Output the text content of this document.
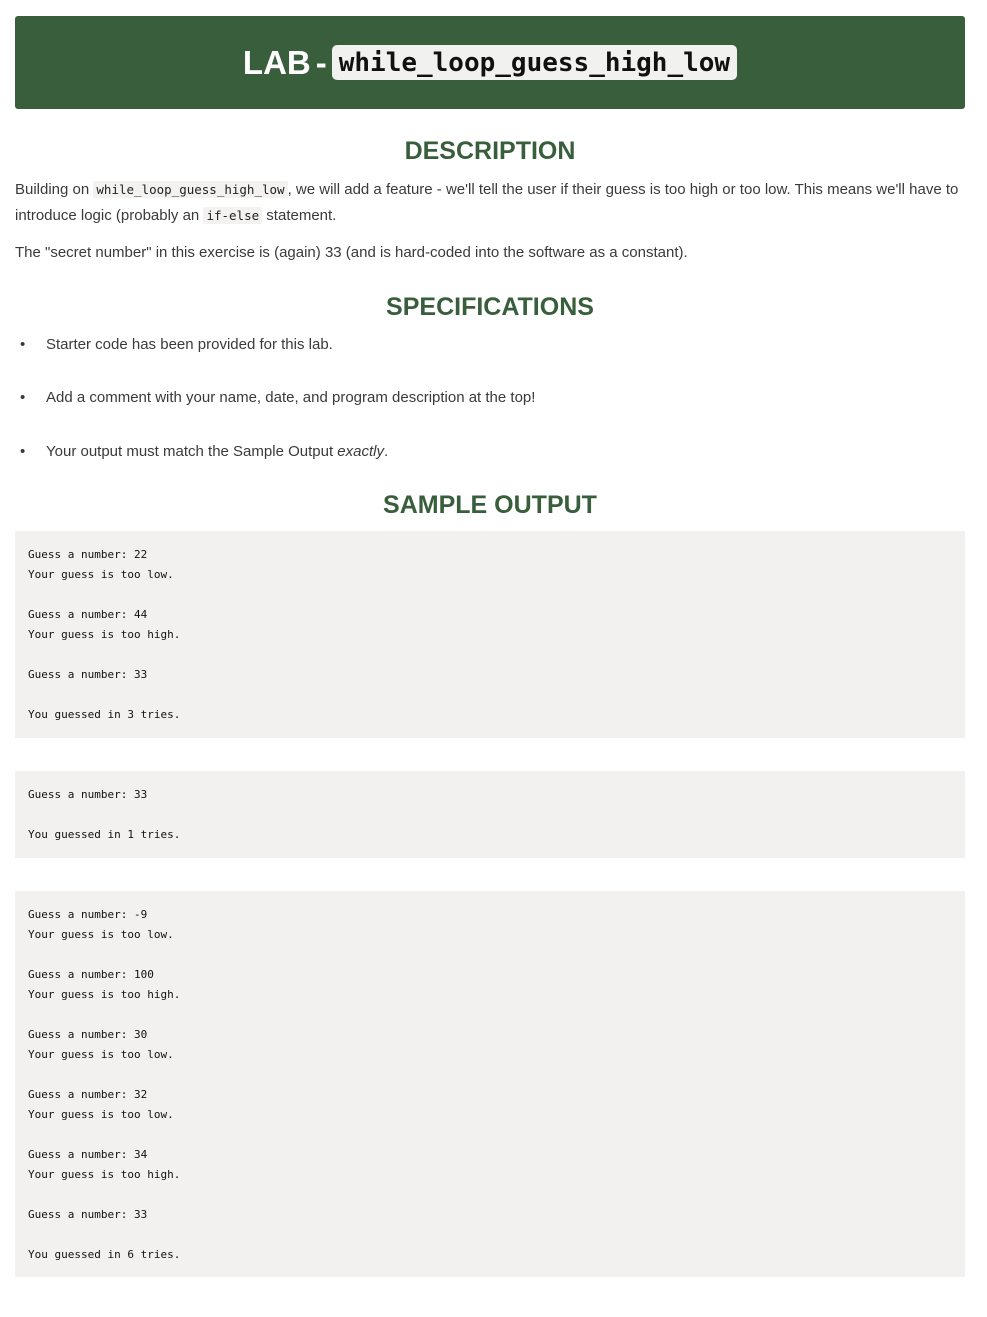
LAB - while_loop_guess_high_low
DESCRIPTION

Building on while_loop_guess_high_low , we will add a feature - we'll tell the user if their guess is too high or too low. This means we'll have to introduce logic (probably an if-else statement.

The "secret number" in this exercise is (again) 33 (and is hard-coded into the software as a constant).

SPECIFICATIONS
• Starter code has been provided for this lab.
• Add a comment with your name, date, and program description at the top!
• Your output must match the Sample Output exactly.
SAMPLE OUTPUT
Guess a number: 22
Your guess is too low.

Guess a number: 44
Your guess is too high.

Guess a number: 33

You guessed in 3 tries.
Guess a number: 33

You guessed in 1 tries.
Guess a number: -9
Your guess is too low.

Guess a number: 100
Your guess is too high.

Guess a number: 30
Your guess is too low.

Guess a number: 32
Your guess is too low.

Guess a number: 34
Your guess is too high.

Guess a number: 33

You guessed in 6 tries.
